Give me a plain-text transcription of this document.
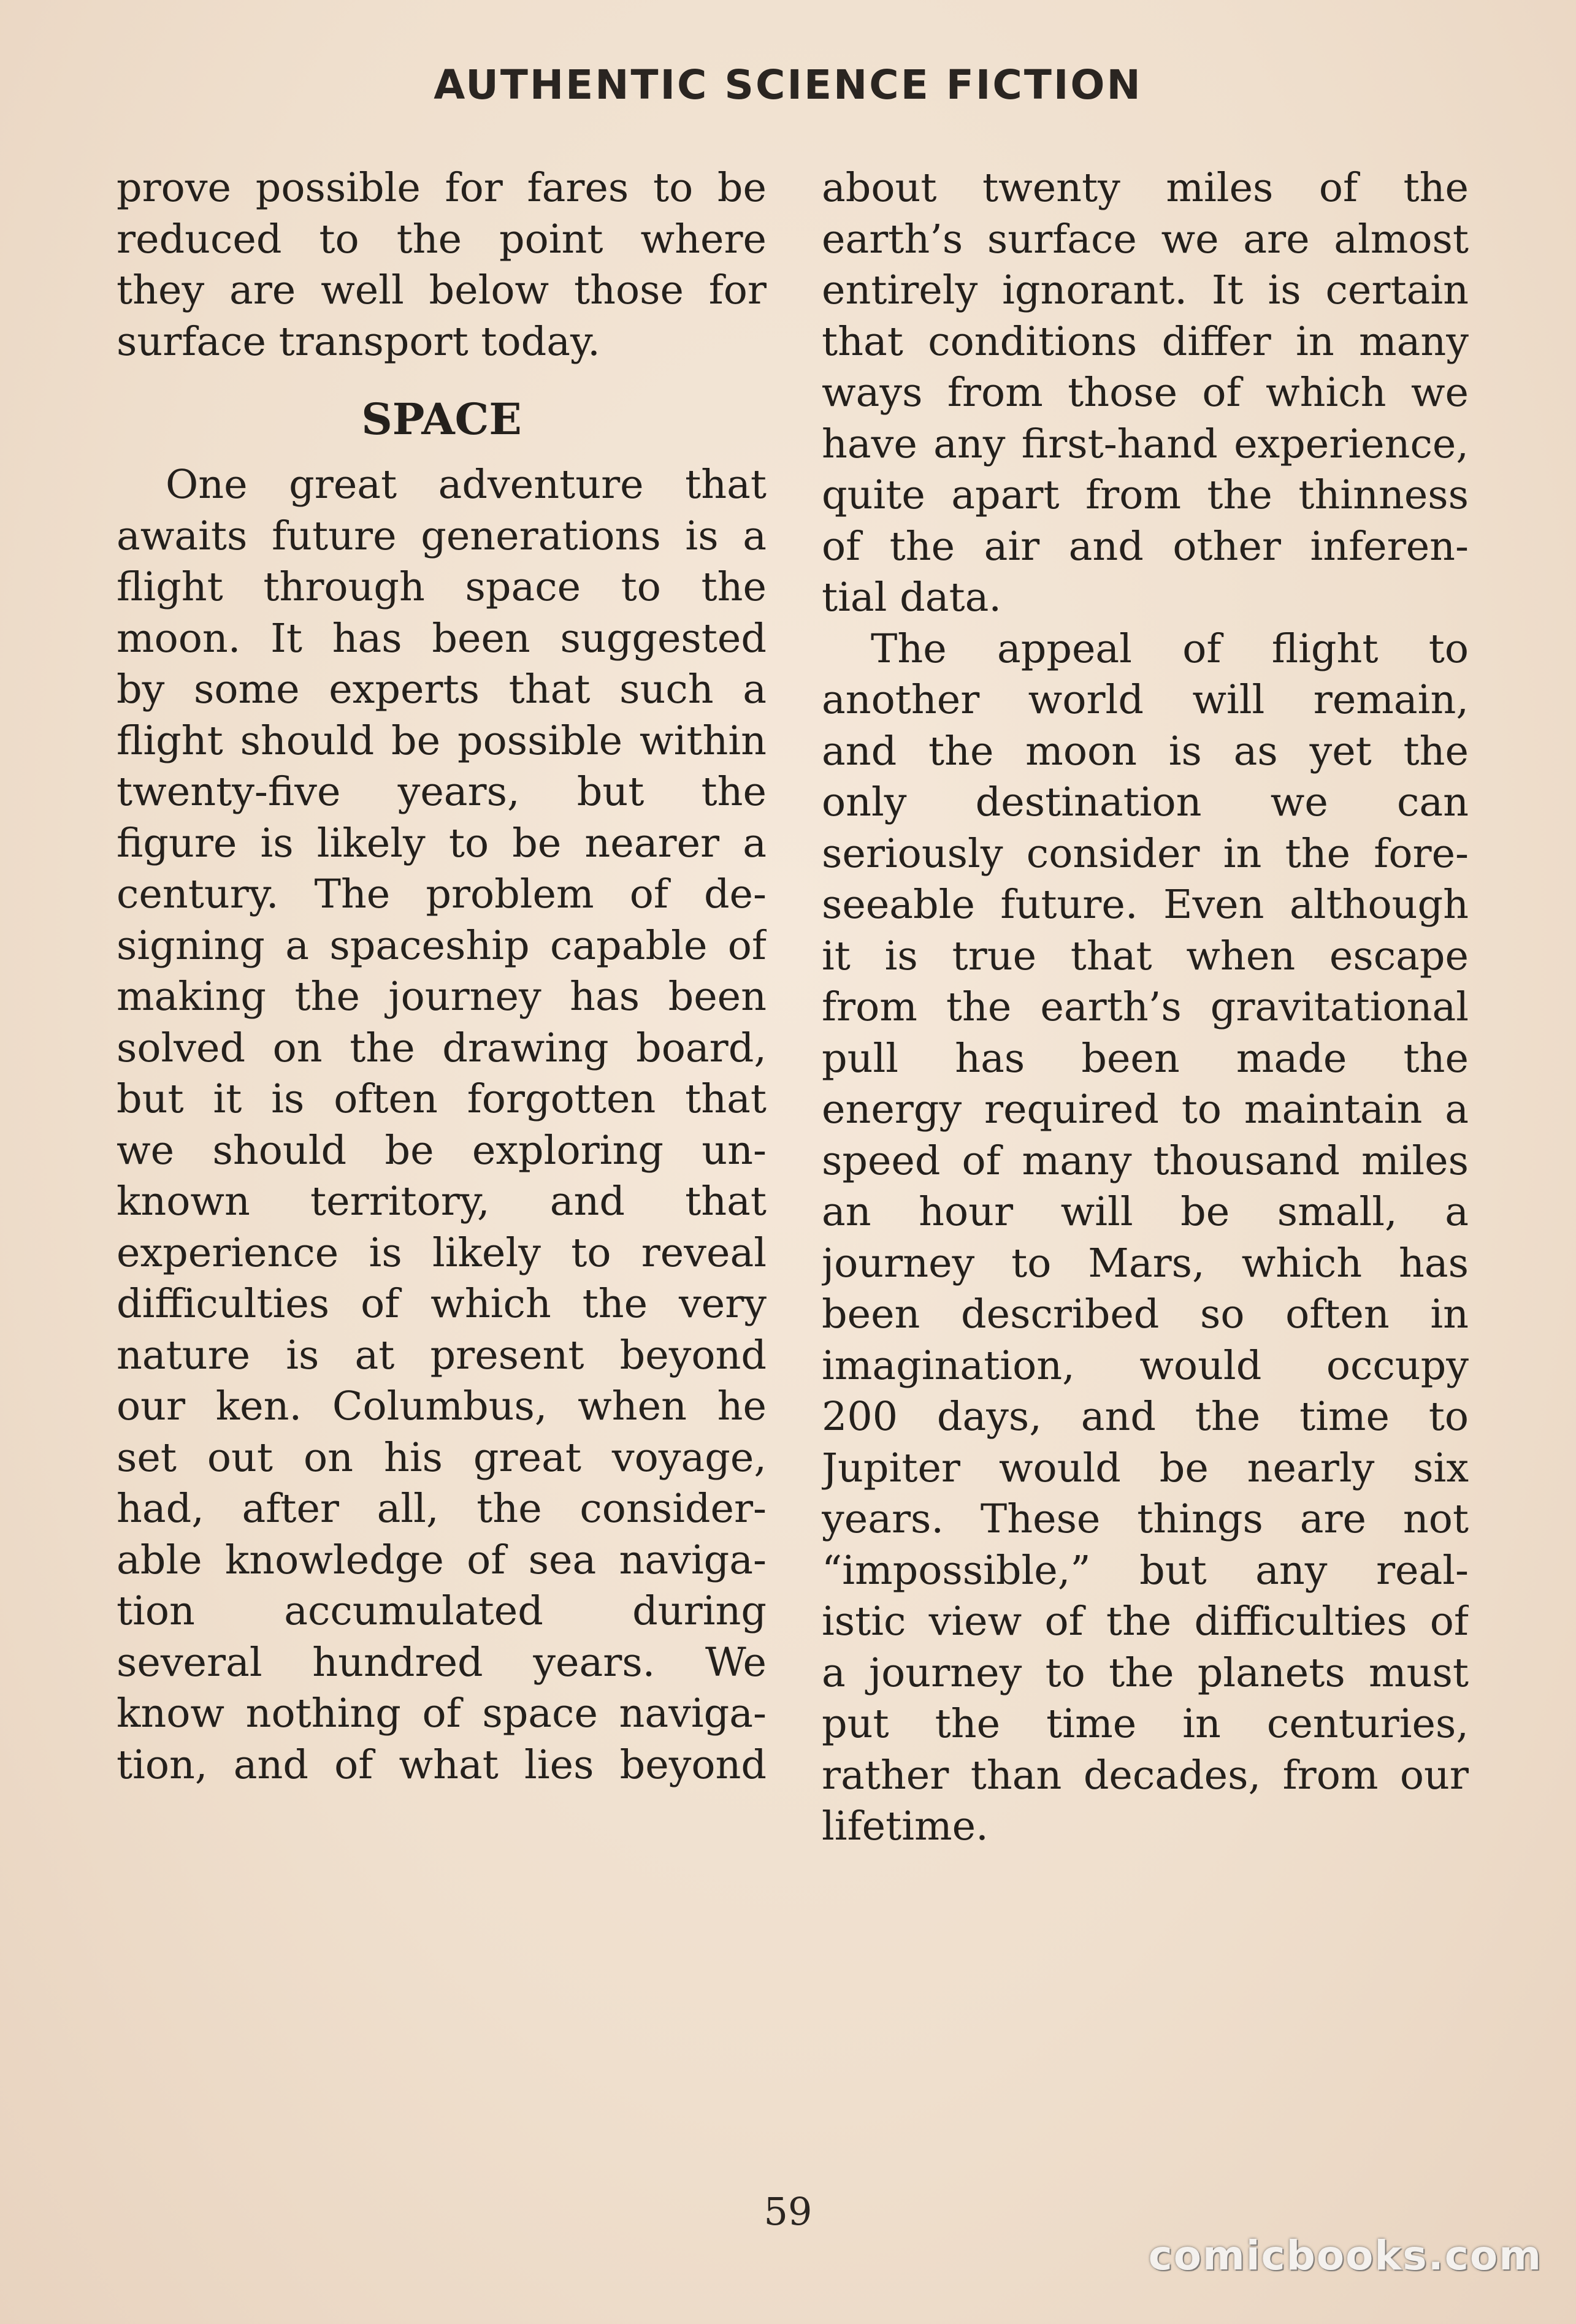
AUTHENTIC SCIENCE FICTION
prove possible for fares to be
reduced to the point where
they are well below those for
surface transport today.
SPACE
One great adventure that
awaits future generations is a
flight through space to the
moon. It has been suggested
by some experts that such a
flight should be possible within
twenty-five years, but the
figure is likely to be nearer a
century. The problem of de-
signing a spaceship capable of
making the journey has been
solved on the drawing board,
but it is often forgotten that
we should be exploring un-
known territory, and that
experience is likely to reveal
difficulties of which the very
nature is at present beyond
our ken. Columbus, when he
set out on his great voyage,
had, after all, the consider-
able knowledge of sea naviga-
tion accumulated during
several hundred years. We
know nothing of space naviga-
tion, and of what lies beyond
about twenty miles of the
earth’s surface we are almost
entirely ignorant. It is certain
that conditions differ in many
ways from those of which we
have any first-hand experience,
quite apart from the thinness
of the air and other inferen-
tial data.
The appeal of flight to
another world will remain,
and the moon is as yet the
only destination we can
seriously consider in the fore-
seeable future. Even although
it is true that when escape
from the earth’s gravitational
pull has been made the
energy required to maintain a
speed of many thousand miles
an hour will be small, a
journey to Mars, which has
been described so often in
imagination, would occupy
200 days, and the time to
Jupiter would be nearly six
years. These things are not
“impossible,” but any real-
istic view of the difficulties of
a journey to the planets must
put the time in centuries,
rather than decades, from our
lifetime.
59
comicbooks.com
